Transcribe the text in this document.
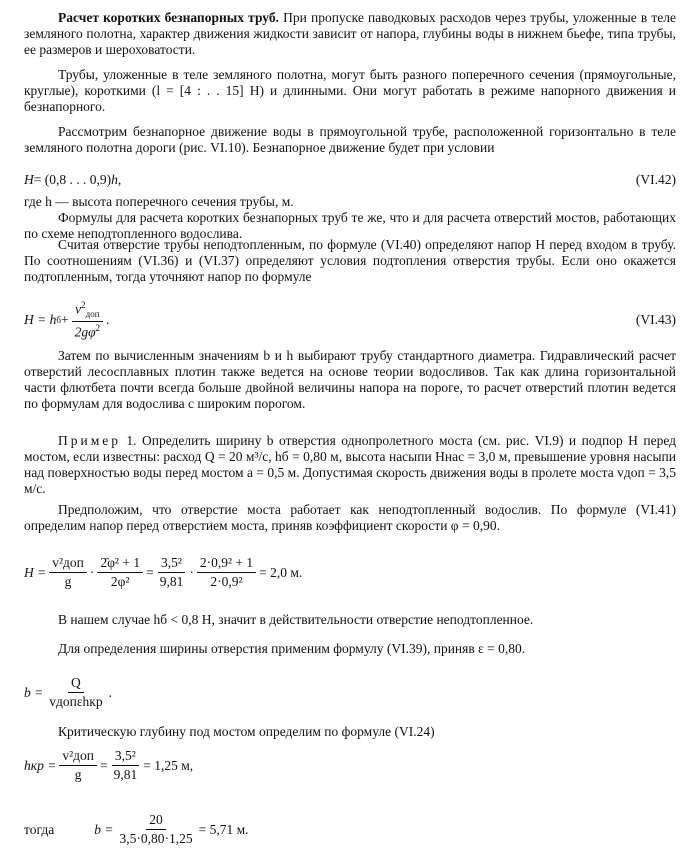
Расчет коротких безнапорных труб. При пропуске паводковых расходов через трубы, уложенные в теле земляного полотна, характер движения жидкости зависит от напора, глубины воды в нижнем бьефе, типа трубы, ее размеров и шероховатости.

Трубы, уложенные в теле земляного полотна, могут быть разного поперечного сечения (прямоугольные, круглые), короткими (l = [4 : . . 15] H) и длинными. Они могут работать в режиме напорного движения и безнапорного.

Рассмотрим безнапорное движение воды в прямоугольной трубе, расположенной горизонтально в теле земляного полотна дороги (рис. VI.10). Безнапорное движение будет при условии

H = (0,8 . . . 0,9) h ,	(VI.42)

где h — высота поперечного сечения трубы, м.

Формулы для расчета коротких безнапорных труб те же, что и для расчета отверстий мостов, работающих по схеме неподтопленного водослива.

Считая отверстие трубы неподтопленным, по формуле (VI.40) определяют напор H перед входом в трубу. По соотношениям (VI.36) и (VI.37) определяют условия подтопления отверстия трубы. Если оно окажется подтопленным, тогда уточняют напор по формуле

H = h $б + \frac{v^2_{доп}}{2g\varphi^2}$ .	(VI.43)

Затем по вычисленным значениям b и h выбирают трубу стандартного диаметра. Гидравлический расчет отверстий лесосплавных плотин также ведется на основе теории водосливов. Так как длина горизонтальной части флютбета почти всегда больше двойной величины напора на пороге, то расчет отверстий плотин ведется по формулам для водослива с широким порогом.

Пример 1. Определить ширину b отверстия однопролетного моста (см. рис. VI.9) и подпор H перед мостом, если известны: расход Q = 20 м³/с, hб = 0,80 м, высота насыпи Hнас = 3,0 м, превышение уровня насыпи над поверхностью воды перед мостом a = 0,5 м. Допустимая скорость движения воды в пролете моста vдоп = 3,5 м/с.

Предположим, что отверстие моста работает как неподтопленный водослив. По формуле (VI.41) определим напор перед отверстием моста, приняв коэффициент скорости φ = 0,90.

$H = \frac{\text{v²доп}}{g} \cdot \frac{\text{2̄φ² + 1}}{\text{2φ²}} = \frac{\text{3,5²}}{9,81} \cdot \frac{\text{2·0,9² + 1}}{\text{2·0,9²}} = 2,0$ м.

В нашем случае hб < 0,8 H, значит в действительности отверстие неподтопленное.

Для определения ширины отверстия применим формулу (VI.39), приняв ε = 0,80.

$b = \frac{Q}{\text{vдопεhкр}}$ .

Критическую глубину под мостом определим по формуле (VI.24)

hкр = $\frac{\text{v²доп}}{g} = \frac{\text{3,5²}}{9,81} = 1,25$ м,
тогда	$b = \frac{20}{3,5\cdot 0,80\cdot 1,25} = 5,71$ м.
